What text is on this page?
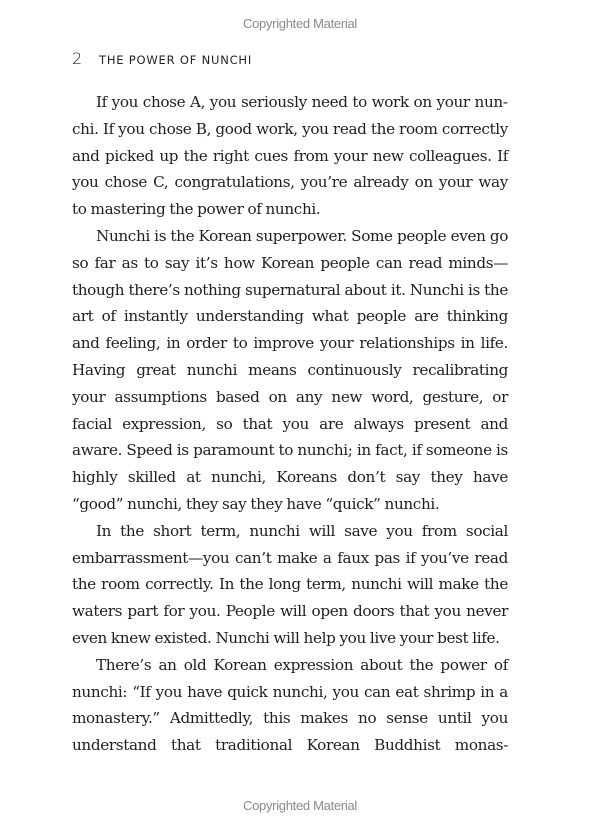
Copyrighted Material
2	THE POWER OF NUNCHI

If you chose A, you seriously need to work on your nunchi. If you chose B, good work, you read the room correctly and picked up the right cues from your new colleagues. If you chose C, congratulations, you’re already on your way to mastering the power of nunchi.

Nunchi is the Korean superpower. Some people even go so far as to say it’s how Korean people can read minds— though there’s nothing supernatural about it. Nunchi is the art of instantly understanding what people are thinking and feeling, in order to improve your relationships in life. Having great nunchi means continuously recalibrating your assumptions based on any new word, gesture, or facial expression, so that you are always present and aware. Speed is paramount to nunchi; in fact, if someone is highly skilled at nunchi, Koreans don’t say they have “good” nunchi, they say they have “quick” nunchi.

In the short term, nunchi will save you from social embarrassment—you can’t make a faux pas if you’ve read the room correctly. In the long term, nunchi will make the waters part for you. People will open doors that you never even knew existed. Nunchi will help you live your best life.

There’s an old Korean expression about the power of nunchi: “If you have quick nunchi, you can eat shrimp in a monastery.” Admittedly, this makes no sense until you understand that traditional Korean Buddhist monas-

Copyrighted Material
